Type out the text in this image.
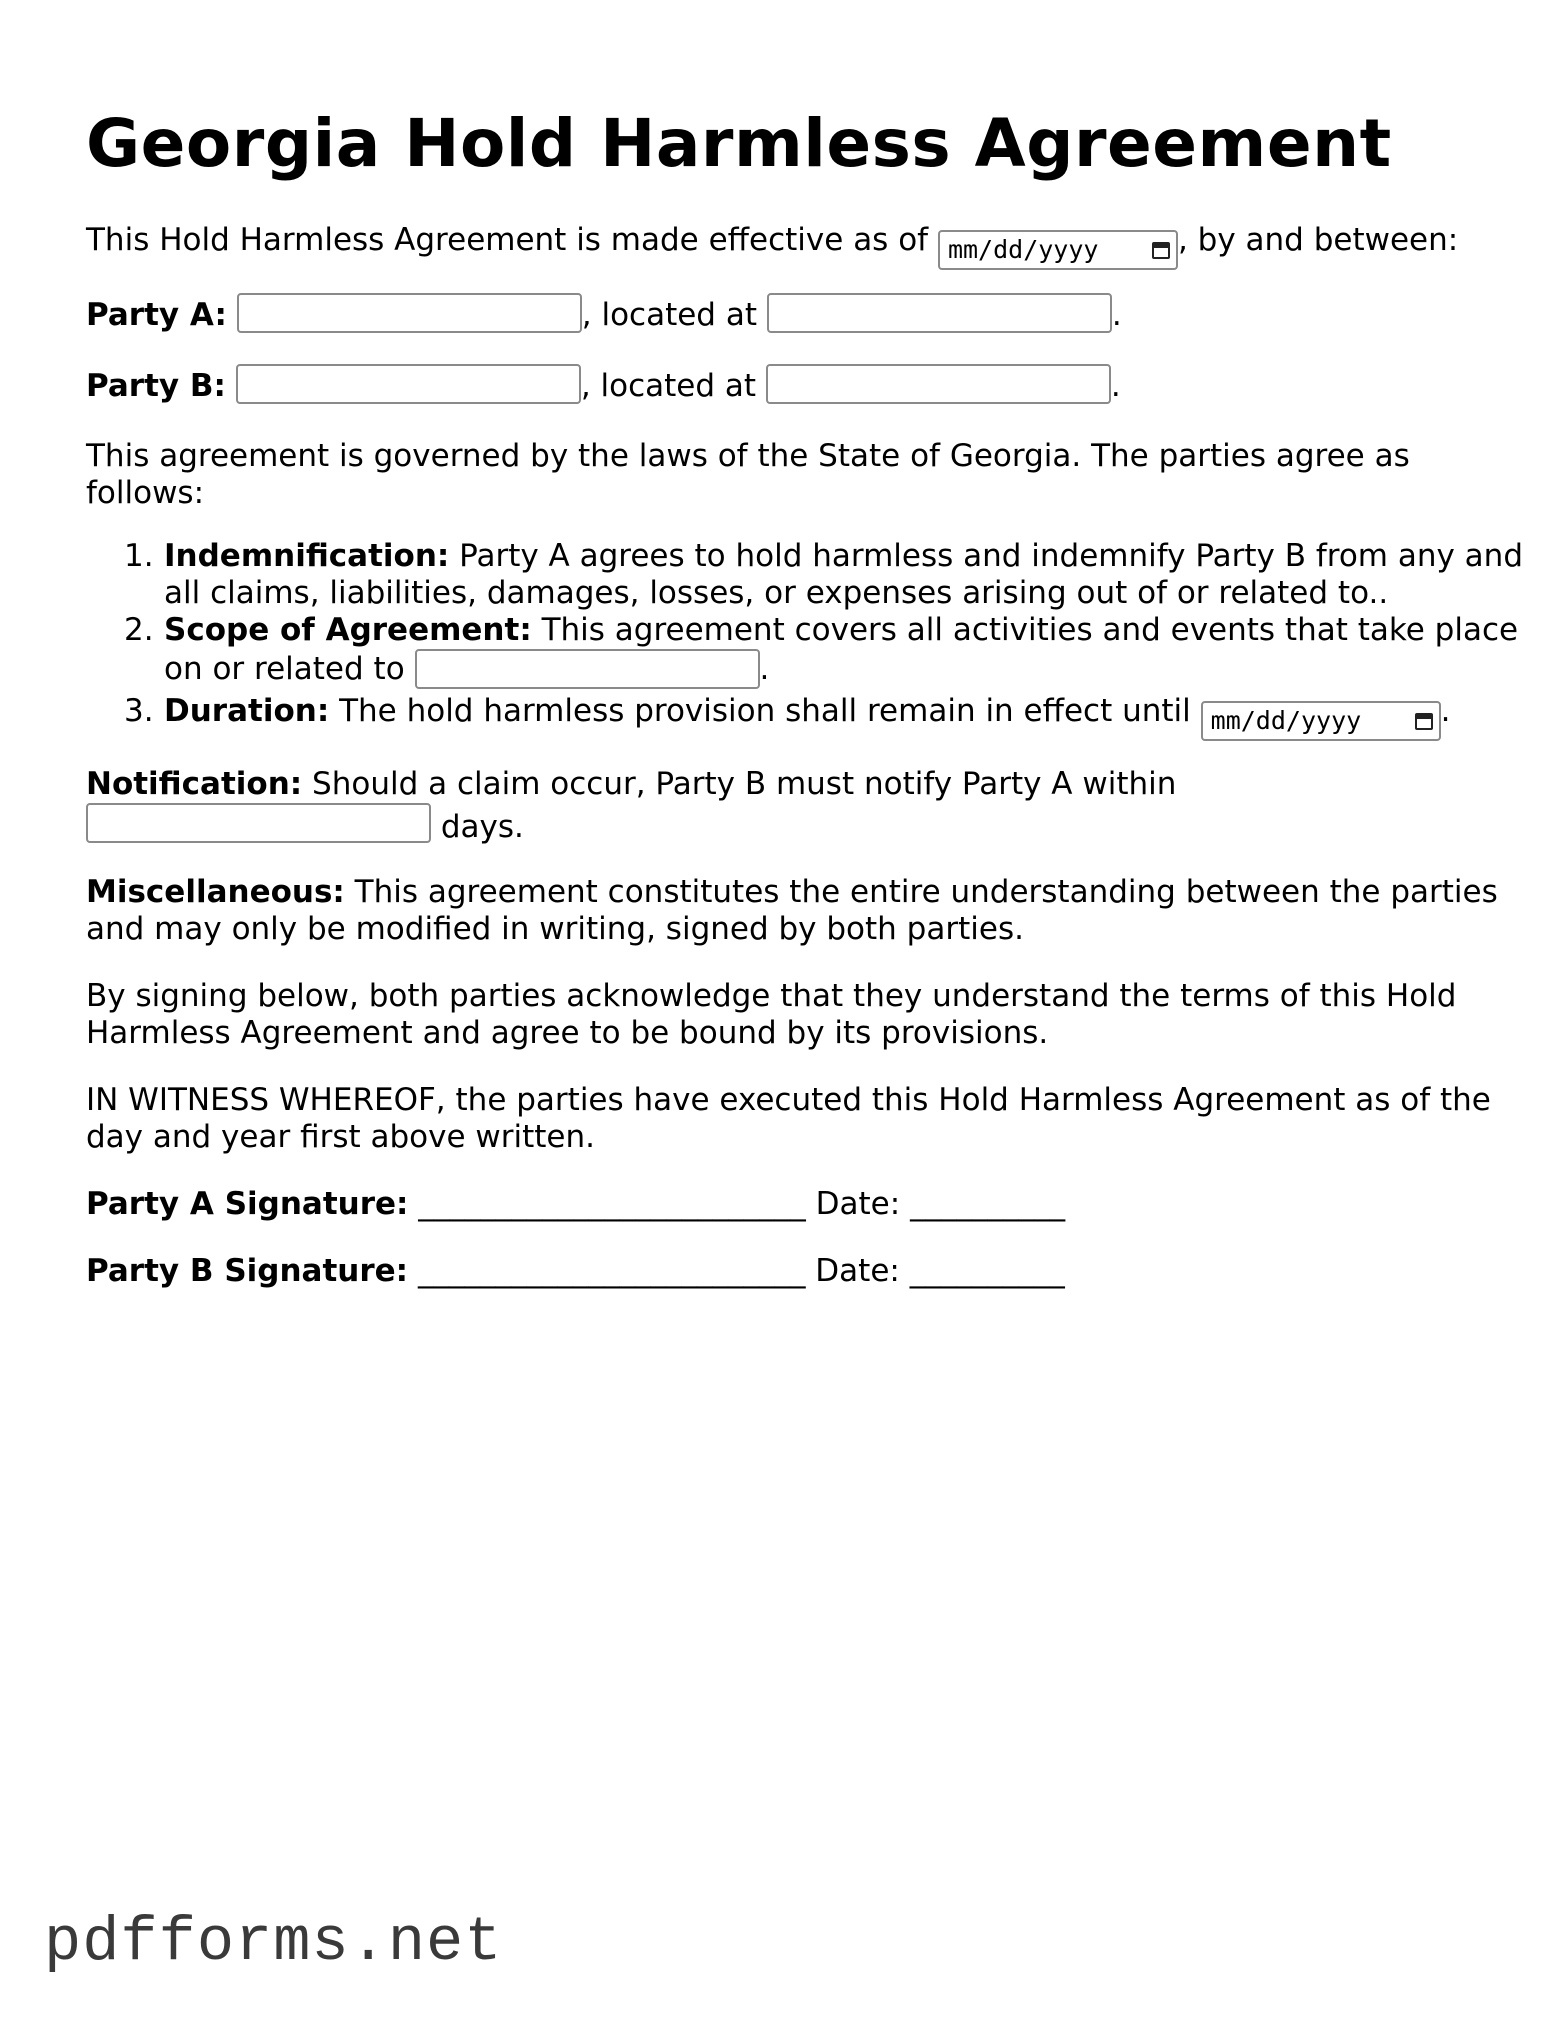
Georgia Hold Harmless Agreement
This Hold Harmless Agreement is made effective as of mm/dd/yyyy	, by and between:
Party A:	, located at	.
Party B:	, located at	.
This agreement is governed by the laws of the State of Georgia. The parties agree as follows:
1. Indemnification: Party A agrees to hold harmless and indemnify Party B from any and all claims, liabilities, damages, losses, or expenses arising out of or related to..
2. Scope of Agreement: This agreement covers all activities and events that take place on or related to	.
3. Duration: The hold harmless provision shall remain in effect until mm/dd/yyyy	.
Notification: Should a claim occur, Party B must notify Party A within
days.
Miscellaneous: This agreement constitutes the entire understanding between the parties and may only be modified in writing, signed by both parties.
By signing below, both parties acknowledge that they understand the terms of this Hold Harmless Agreement and agree to be bound by its provisions.
IN WITNESS WHEREOF, the parties have executed this Hold Harmless Agreement as of the day and year first above written.
Party A Signature: _________________________ Date: __________
Party B Signature: _________________________ Date: __________
pdfforms.net
